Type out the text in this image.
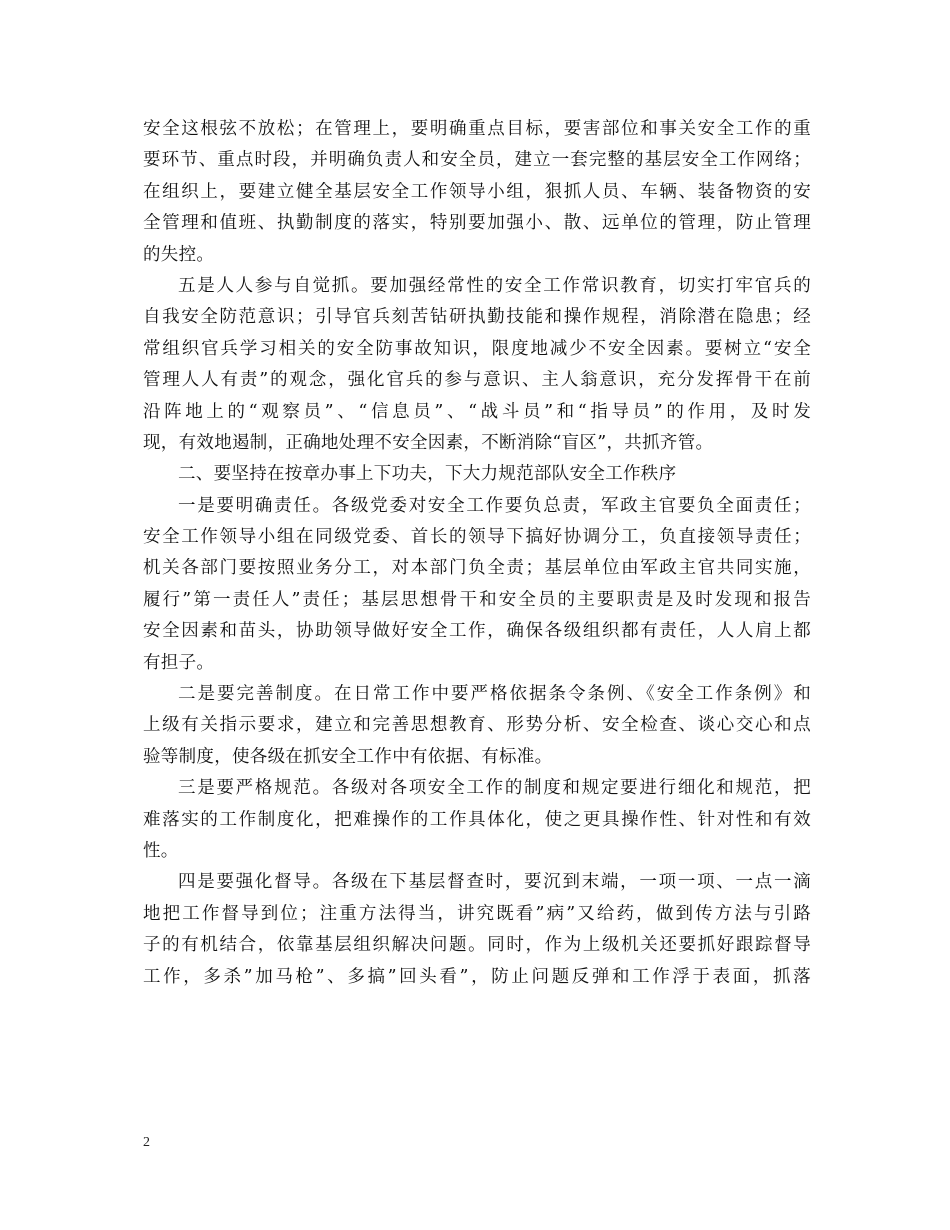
安全这根弦不放松；在管理上，要明确重点目标，要害部位和事关安全工作的重
要环节、重点时段，并明确负责人和安全员，建立一套完整的基层安全工作网络；
在组织上，要建立健全基层安全工作领导小组，狠抓人员、车辆、装备物资的安
全管理和值班、执勤制度的落实，特别要加强小、散、远单位的管理，防止管理
的失控。
五是人人参与自觉抓。要加强经常性的安全工作常识教育，切实打牢官兵的
自我安全防范意识；引导官兵刻苦钻研执勤技能和操作规程，消除潜在隐患；经
常组织官兵学习相关的安全防事故知识，限度地减少不安全因素。要树立“安全
管理人人有责”的观念，强化官兵的参与意识、主人翁意识，充分发挥骨干在前
沿阵地上的“观察员”、“信息员”、“战斗员”和“指导员”的作用，及时发
现，有效地遏制，正确地处理不安全因素，不断消除“盲区”，共抓齐管。
二、要坚持在按章办事上下功夫，下大力规范部队安全工作秩序
一是要明确责任。各级党委对安全工作要负总责，军政主官要负全面责任；
安全工作领导小组在同级党委、首长的领导下搞好协调分工，负直接领导责任；
机关各部门要按照业务分工，对本部门负全责；基层单位由军政主官共同实施，
履行”第一责任人”责任；基层思想骨干和安全员的主要职责是及时发现和报告
安全因素和苗头，协助领导做好安全工作，确保各级组织都有责任，人人肩上都
有担子。
二是要完善制度。在日常工作中要严格依据条令条例、《安全工作条例》和
上级有关指示要求，建立和完善思想教育、形势分析、安全检查、谈心交心和点
验等制度，使各级在抓安全工作中有依据、有标准。
三是要严格规范。各级对各项安全工作的制度和规定要进行细化和规范，把
难落实的工作制度化，把难操作的工作具体化，使之更具操作性、针对性和有效
性。
四是要强化督导。各级在下基层督查时，要沉到末端，一项一项、一点一滴
地把工作督导到位；注重方法得当，讲究既看”病”又给药，做到传方法与引路
子的有机结合，依靠基层组织解决问题。同时，作为上级机关还要抓好跟踪督导
工作，多杀”加马枪”、多搞”回头看”，防止问题反弹和工作浮于表面，抓落
2
